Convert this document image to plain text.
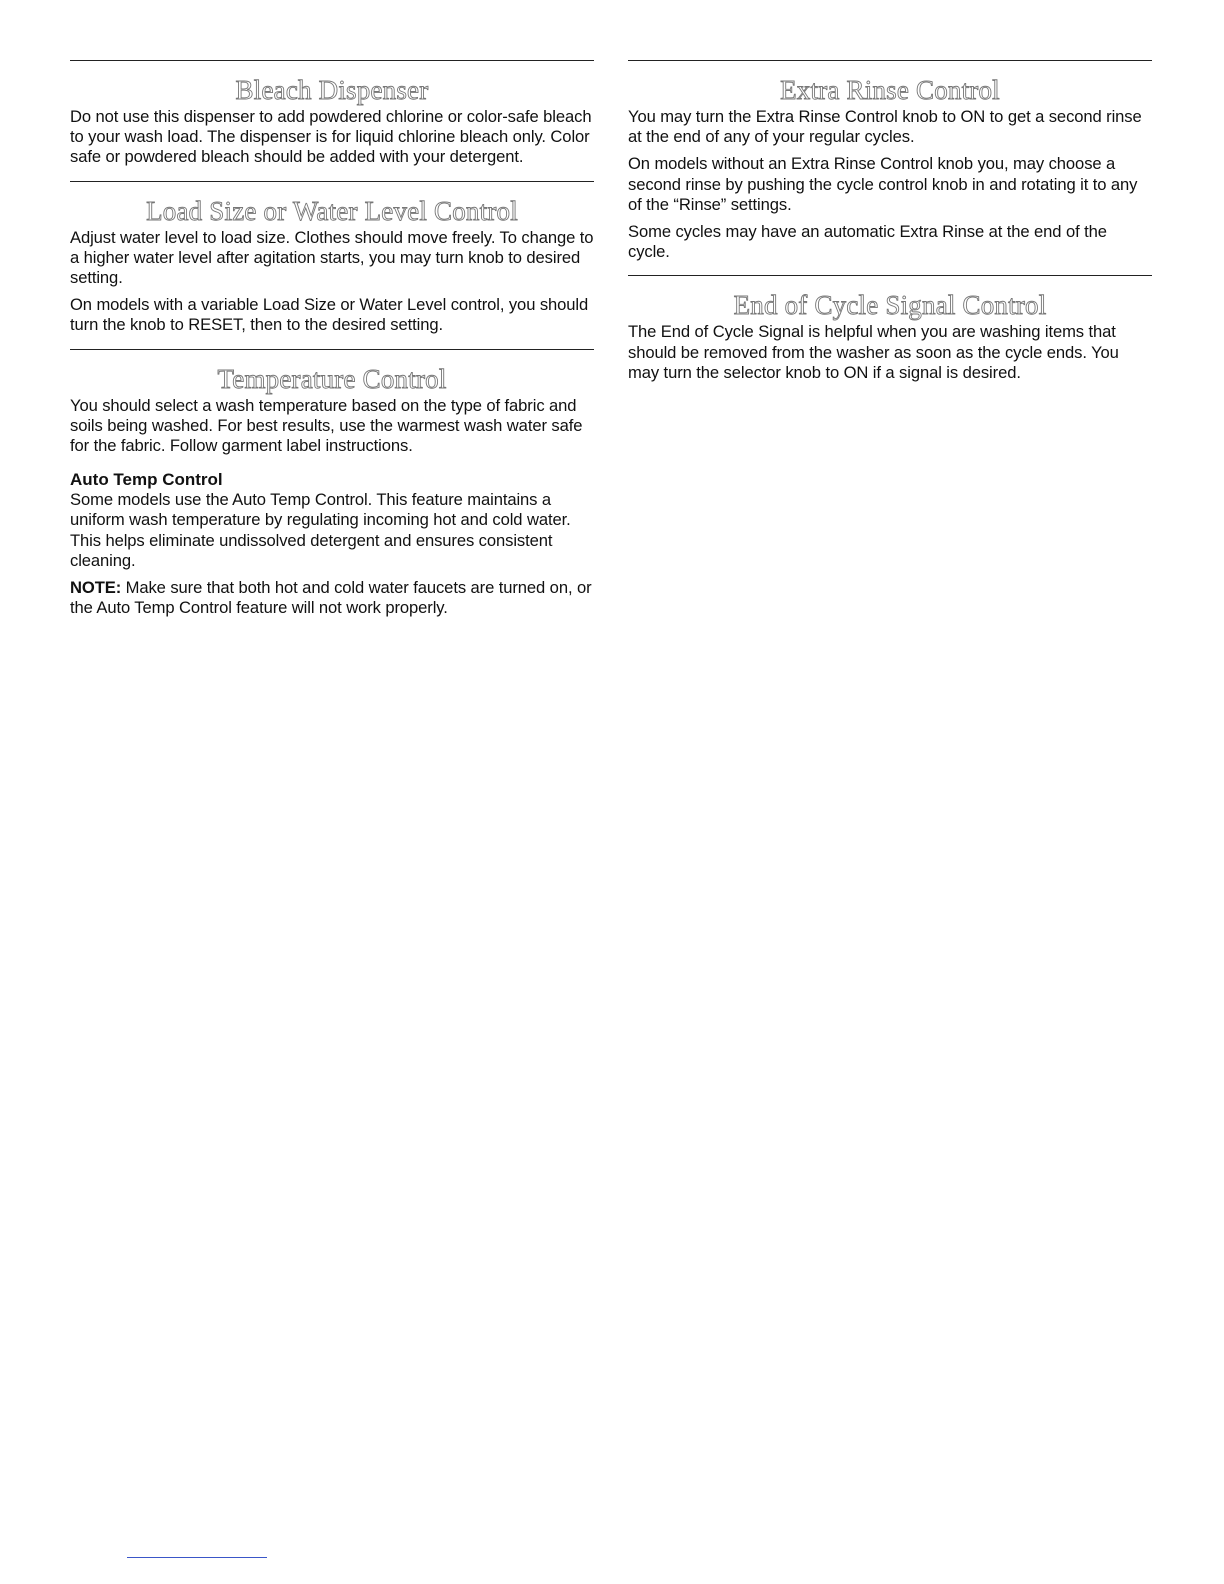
Bleach Dispenser

Do not use this dispenser to add powdered chlorine or color-safe bleach to your wash load. The dispenser is for liquid chlorine bleach only. Color safe or powdered bleach should be added with your detergent.

Load Size or Water Level Control

Adjust water level to load size. Clothes should move freely. To change to a higher water level after agitation starts, you may turn knob to desired setting.

On models with a variable Load Size or Water Level control, you should turn the knob to RESET, then to the desired setting.

Temperature Control

You should select a wash temperature based on the type of fabric and soils being washed. For best results, use the warmest wash water safe for the fabric. Follow garment label instructions.

Auto Temp Control

Some models use the Auto Temp Control. This feature maintains a uniform wash temperature by regulating incoming hot and cold water. This helps eliminate undissolved detergent and ensures consistent cleaning.

NOTE: Make sure that both hot and cold water faucets are turned on, or the Auto Temp Control feature will not work properly.

Extra Rinse Control

You may turn the Extra Rinse Control knob to ON to get a second rinse at the end of any of your regular cycles.

On models without an Extra Rinse Control knob you, may choose a second rinse by pushing the cycle control knob in and rotating it to any of the “Rinse” settings.

Some cycles may have an automatic Extra Rinse at the end of the cycle.

End of Cycle Signal Control

The End of Cycle Signal is helpful when you are washing items that should be removed from the washer as soon as the cycle ends. You may turn the selector knob to ON if a signal is desired.
